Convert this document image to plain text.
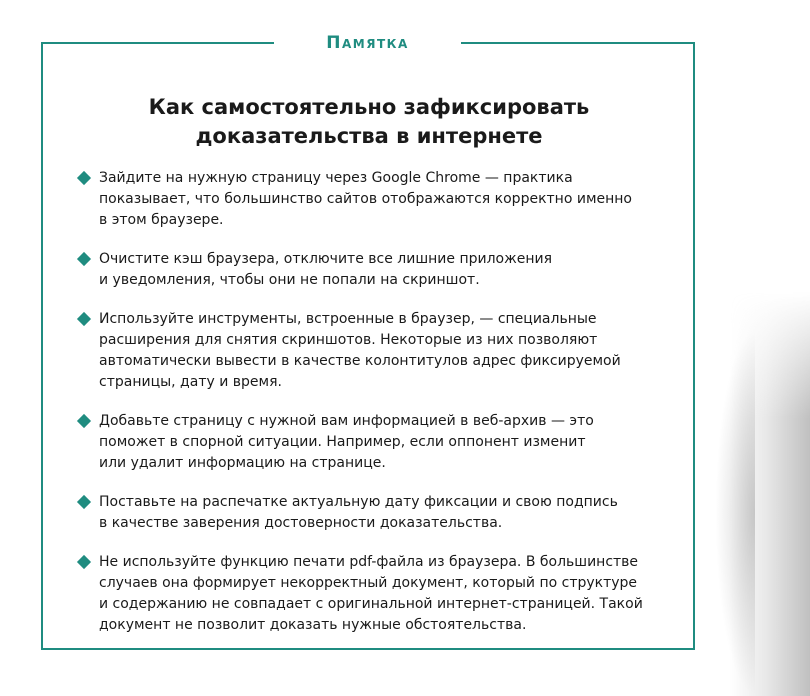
Памятка
Как самостоятельно зафиксировать
доказательства в интернете
Зайдите на нужную страницу через Google Chrome — практика
показывает, что большинство сайтов отображаются корректно именно
в этом браузере.
Очистите кэш браузера, отключите все лишние приложения
и уведомления, чтобы они не попали на скриншот.
Используйте инструменты, встроенные в браузер, — специальные
расширения для снятия скриншотов. Некоторые из них позволяют
автоматически вывести в качестве колонтитулов адрес фиксируемой
страницы, дату и время.
Добавьте страницу с нужной вам информацией в веб-архив — это
поможет в спорной ситуации. Например, если оппонент изменит
или удалит информацию на странице.
Поставьте на распечатке актуальную дату фиксации и свою подпись
в качестве заверения достоверности доказательства.
Не используйте функцию печати pdf-файла из браузера. В большинстве
случаев она формирует некорректный документ, который по структуре
и содержанию не совпадает с оригинальной интернет-страницей. Такой
документ не позволит доказать нужные обстоятельства.
